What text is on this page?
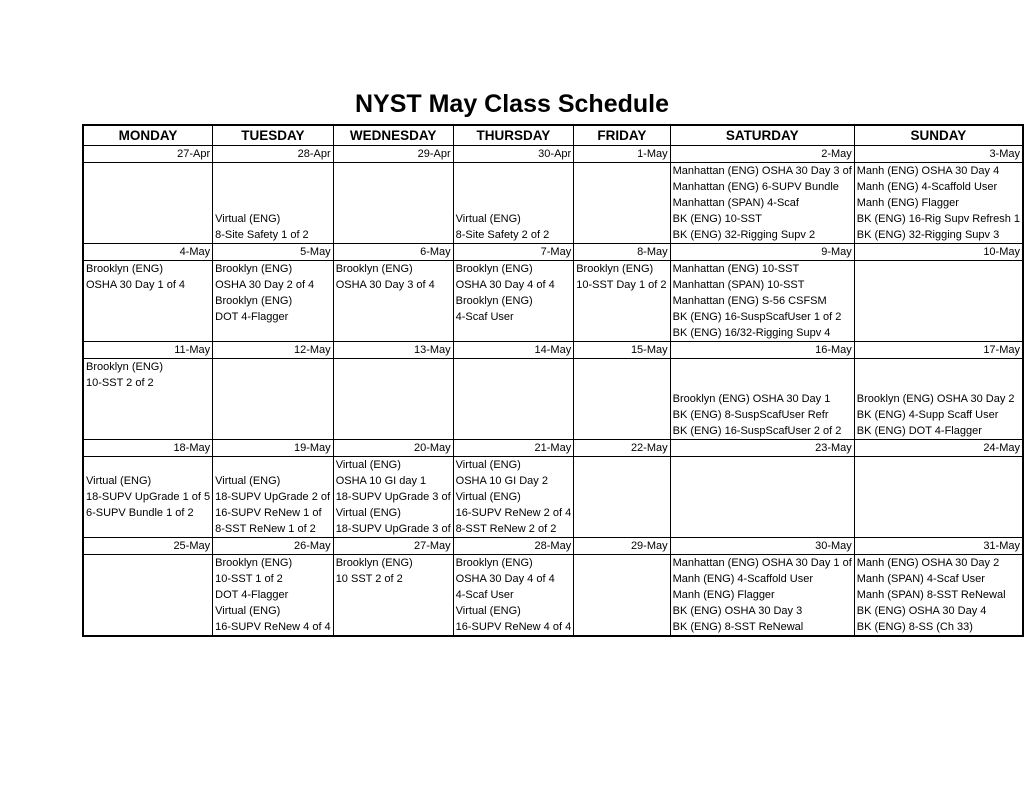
NYST May Class Schedule
MONDAY	TUESDAY	WEDNESDAY	THURSDAY	FRIDAY	SATURDAY	SUNDAY
27-Apr	28-Apr	29-Apr	30-Apr	1-May	2-May	3-May
					Manhattan (ENG) OSHA 30 Day 3 of	Manh (ENG) OSHA 30 Day 4
					Manhattan (ENG) 6-SUPV Bundle	Manh (ENG) 4-Scaffold User
					Manhattan (SPAN) 4-Scaf	Manh (ENG) Flagger
	Virtual (ENG)		Virtual (ENG)		BK (ENG) 10-SST	BK (ENG) 16-Rig Supv Refresh 1
	8-Site Safety 1 of 2		8-Site Safety 2 of 2		BK (ENG) 32-Rigging Supv 2	BK (ENG) 32-Rigging Supv 3
4-May	5-May	6-May	7-May	8-May	9-May	10-May
Brooklyn (ENG)	Brooklyn (ENG)	Brooklyn (ENG)	Brooklyn (ENG)	Brooklyn (ENG)	Manhattan (ENG) 10-SST	
OSHA 30 Day 1 of 4	OSHA 30 Day 2 of 4	OSHA 30 Day 3 of 4	OSHA 30 Day 4 of 4	10-SST Day 1 of 2	Manhattan (SPAN) 10-SST	
	Brooklyn (ENG)		Brooklyn (ENG)		Manhattan (ENG) S-56 CSFSM	
	DOT 4-Flagger		4-Scaf User		BK (ENG) 16-SuspScafUser 1 of 2	
					BK (ENG) 16/32-Rigging Supv 4	
11-May	12-May	13-May	14-May	15-May	16-May	17-May
Brooklyn (ENG)						
10-SST 2 of 2						
					Brooklyn (ENG) OSHA 30 Day 1	Brooklyn (ENG) OSHA 30 Day 2
					BK (ENG) 8-SuspScafUser Refr	BK (ENG) 4-Supp Scaff User
					BK (ENG) 16-SuspScafUser 2 of 2	BK (ENG) DOT 4-Flagger
18-May	19-May	20-May	21-May	22-May	23-May	24-May
		Virtual (ENG)	Virtual (ENG)			
Virtual (ENG)	Virtual (ENG)	OSHA 10 GI day 1	OSHA 10 GI Day 2			
18-SUPV UpGrade 1 of 5	18-SUPV UpGrade 2 of	18-SUPV UpGrade 3 of	Virtual (ENG)			
6-SUPV Bundle 1 of 2	16-SUPV ReNew 1 of	Virtual (ENG)	16-SUPV ReNew 2 of 4			
	8-SST ReNew 1 of 2	18-SUPV UpGrade 3 of	8-SST ReNew 2 of 2			
25-May	26-May	27-May	28-May	29-May	30-May	31-May
	Brooklyn (ENG)	Brooklyn (ENG)	Brooklyn (ENG)		Manhattan (ENG) OSHA 30 Day 1 of	Manh (ENG) OSHA 30 Day 2
	10-SST 1 of 2	10 SST 2 of 2	OSHA 30 Day 4 of 4		Manh (ENG) 4-Scaffold User	Manh (SPAN) 4-Scaf User
	DOT 4-Flagger		4-Scaf User		Manh (ENG) Flagger	Manh (SPAN) 8-SST ReNewal
	Virtual (ENG)		Virtual (ENG)		BK (ENG) OSHA 30 Day 3	BK (ENG) OSHA 30 Day 4
	16-SUPV ReNew 4 of 4		16-SUPV ReNew 4 of 4		BK (ENG) 8-SST ReNewal	BK (ENG) 8-SS (Ch 33)
